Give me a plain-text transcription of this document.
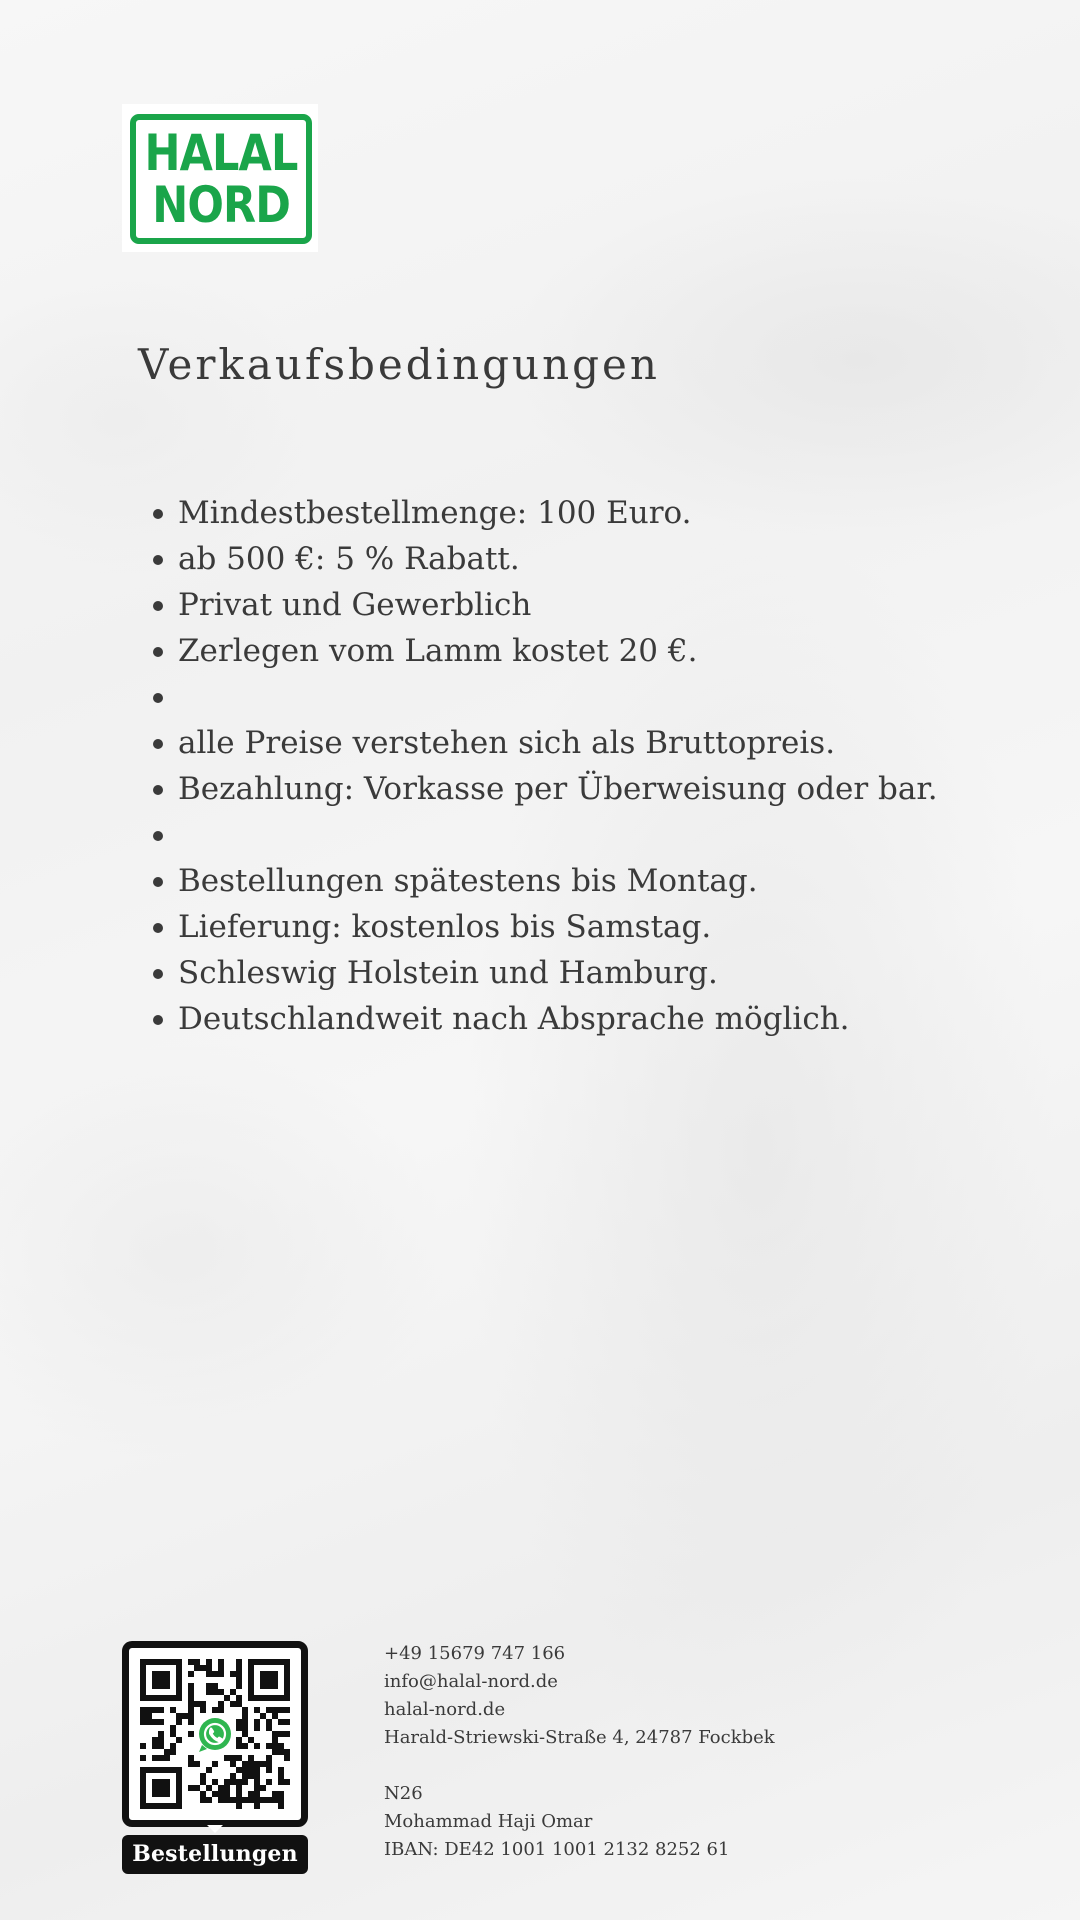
HALAL
NORD
Verkaufsbedingungen
Mindestbestellmenge: 100 Euro.
ab 500 €: 5 % Rabatt.
Privat und Gewerblich
Zerlegen vom Lamm kostet 20 €.
alle Preise verstehen sich als Bruttopreis.
Bezahlung: Vorkasse per Überweisung oder bar.
Bestellungen spätestens bis Montag.
Lieferung: kostenlos bis Samstag.
Schleswig Holstein und Hamburg.
Deutschlandweit nach Absprache möglich.
Bestellungen
+49 15679 747 166
info@halal-nord.de
halal-nord.de
Harald-Striewski-Straße 4, 24787 Fockbek
N26
Mohammad Haji Omar
IBAN: DE42 1001 1001 2132 8252 61
